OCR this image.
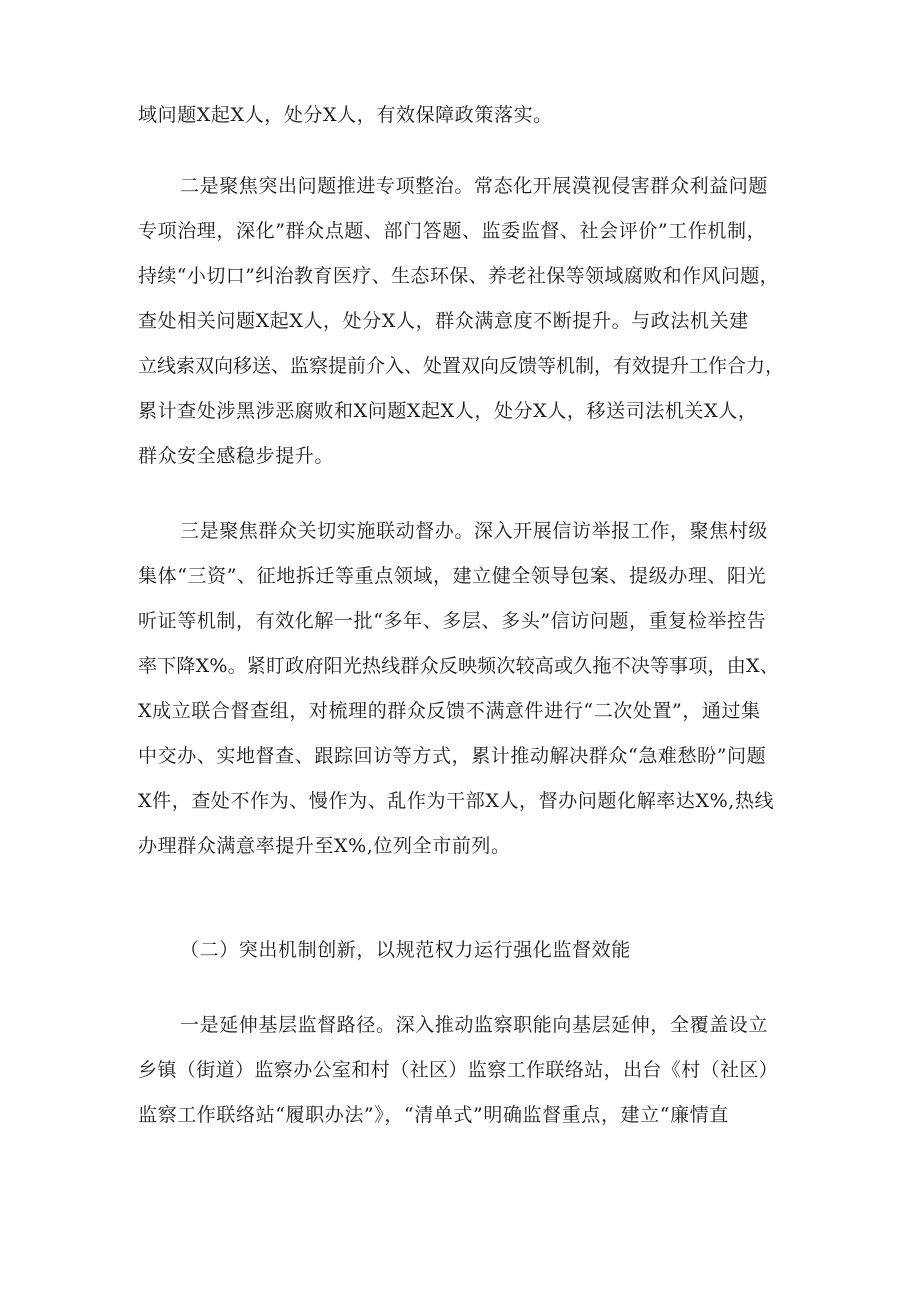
域问题X起X人，处分X人，有效保障政策落实。
二是聚焦突出问题推进专项整治。常态化开展漠视侵害群众利益问题
专项治理，深化”群众点题、部门答题、监委监督、社会评价”工作机制，
持续“小切口”纠治教育医疗、生态环保、养老社保等领域腐败和作风问题，
查处相关问题X起X人，处分X人，群众满意度不断提升。与政法机关建
立线索双向移送、监察提前介入、处置双向反馈等机制，有效提升工作合力，
累计查处涉黑涉恶腐败和X问题X起X人，处分X人，移送司法机关X人，
群众安全感稳步提升。
三是聚焦群众关切实施联动督办。深入开展信访举报工作，聚焦村级
集体“三资”、征地拆迁等重点领域，建立健全领导包案、提级办理、阳光
听证等机制，有效化解一批“多年、多层、多头”信访问题，重复检举控告
率下降X%。紧盯政府阳光热线群众反映频次较高或久拖不决等事项，由X、
X成立联合督查组，对梳理的群众反馈不满意件进行“二次处置”，通过集
中交办、实地督查、跟踪回访等方式，累计推动解决群众“急难愁盼”问题
X件，查处不作为、慢作为、乱作为干部X人，督办问题化解率达X%,热线
办理群众满意率提升至X%,位列全市前列。
（二）突出机制创新，以规范权力运行强化监督效能
一是延伸基层监督路径。深入推动监察职能向基层延伸，全覆盖设立
乡镇（街道）监察办公室和村（社区）监察工作联络站，出台《村（社区）
监察工作联络站“履职办法”》，“清单式”明确监督重点，建立“廉情直
